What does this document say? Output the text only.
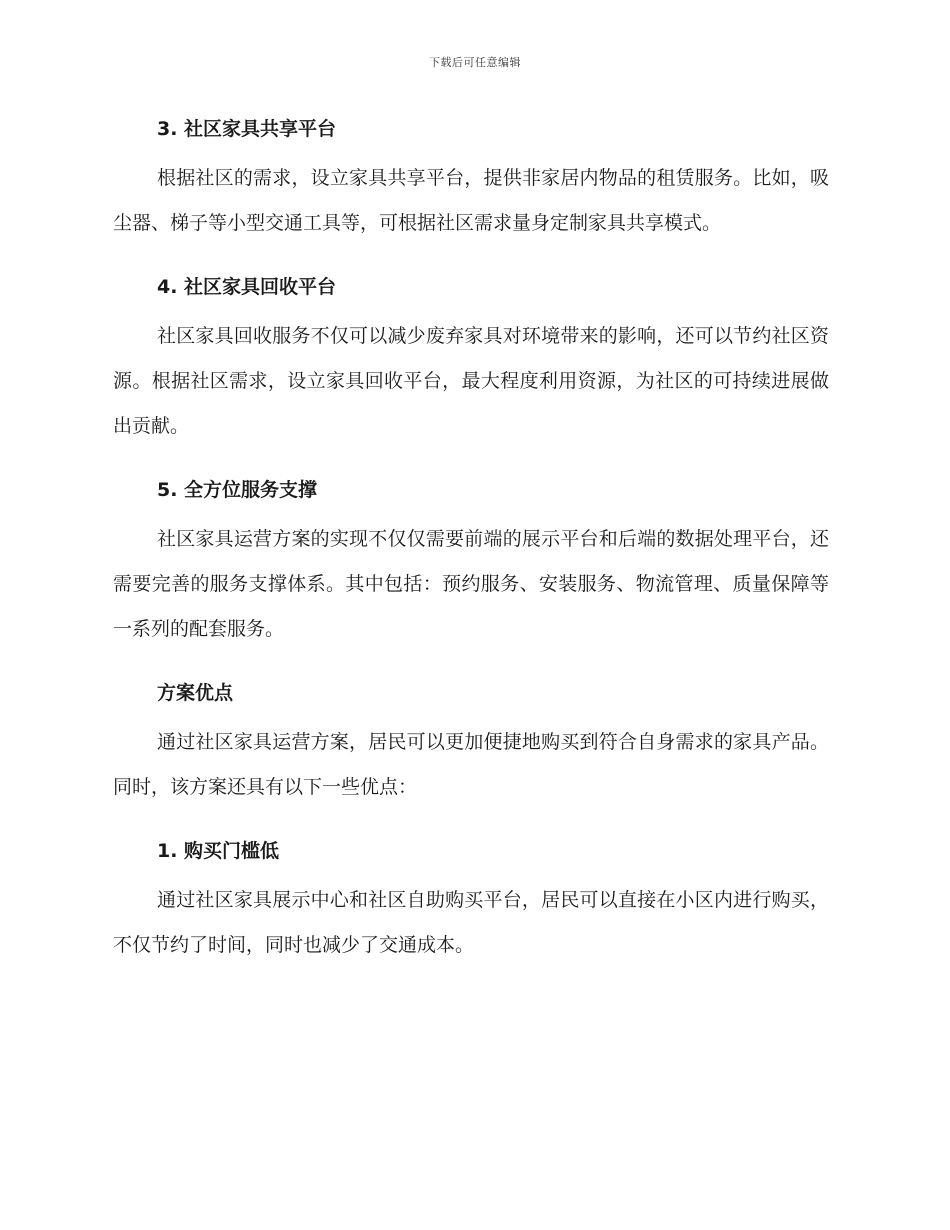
下载后可任意编辑
3. 社区家具共享平台

根据社区的需求，设立家具共享平台，提供非家居内物品的租赁服务。比如，吸尘器、梯子等小型交通工具等，可根据社区需求量身定制家具共享模式。

4. 社区家具回收平台

社区家具回收服务不仅可以减少废弃家具对环境带来的影响，还可以节约社区资源。根据社区需求，设立家具回收平台，最大程度利用资源，为社区的可持续进展做出贡献。

5. 全方位服务支撑

社区家具运营方案的实现不仅仅需要前端的展示平台和后端的数据处理平台，还需要完善的服务支撑体系。其中包括：预约服务、安装服务、物流管理、质量保障等一系列的配套服务。

方案优点

通过社区家具运营方案，居民可以更加便捷地购买到符合自身需求的家具产品。同时，该方案还具有以下一些优点：

1. 购买门槛低

通过社区家具展示中心和社区自助购买平台，居民可以直接在小区内进行购买，不仅节约了时间，同时也减少了交通成本。
